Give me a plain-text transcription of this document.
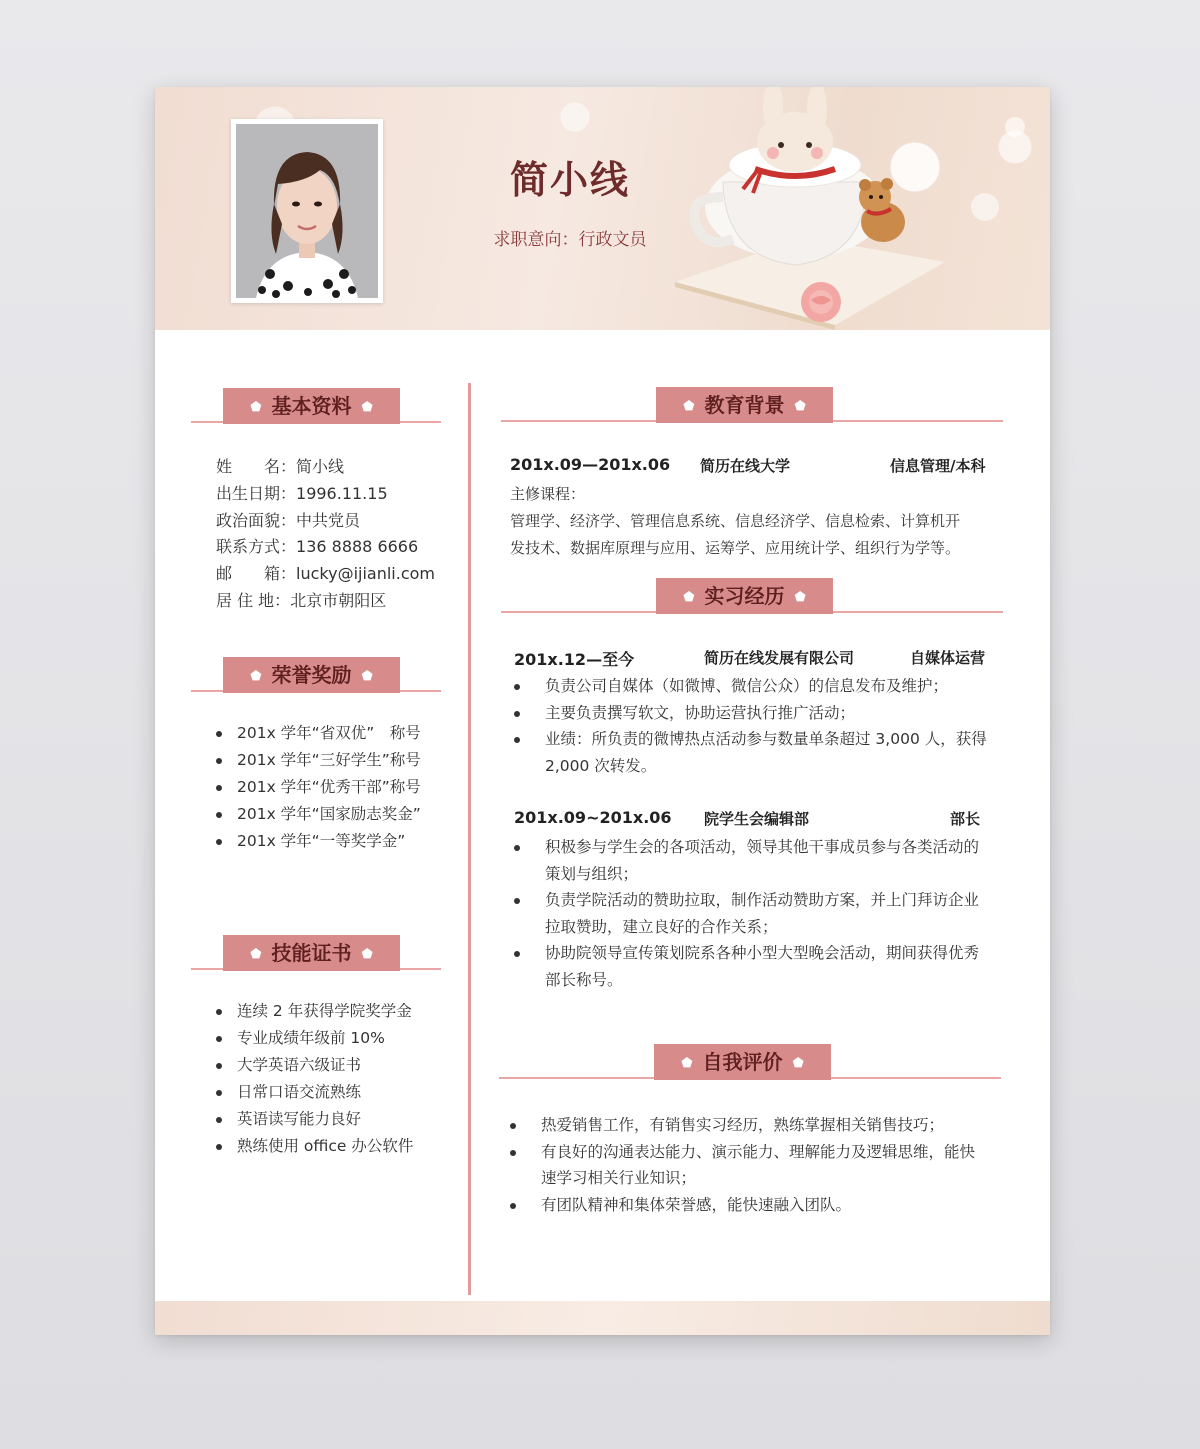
简小线
求职意向：行政文员
⬟ 基本资料 ⬟
姓　　名：简小线
出生日期：1996.11.15
政治面貌：中共党员
联系方式：136 8888 6666
邮　　箱：lucky@ijianli.com
居 住 地：北京市朝阳区
⬟ 荣誉奖励 ⬟
201x 学年“省双优”　称号
201x 学年“三好学生”称号
201x 学年“优秀干部”称号
201x 学年“国家励志奖金”
201x 学年“一等奖学金”
⬟ 技能证书 ⬟
连续 2 年获得学院奖学金
专业成绩年级前 10%
大学英语六级证书
日常口语交流熟练
英语读写能力良好
熟练使用 office 办公软件
⬟ 教育背景 ⬟
201x.09—201x.06 简历在线大学	信息管理/本科
主修课程：
管理学、经济学、管理信息系统、信息经济学、信息检索、计算机开
发技术、数据库原理与应用、运筹学、应用统计学、组织行为学等。
⬟ 实习经历 ⬟
201x.12—至今	简历在线发展有限公司	自媒体运营
负责公司自媒体（如微博、微信公众）的信息发布及维护；
主要负责撰写软文，协助运营执行推广活动；
业绩：所负责的微博热点活动参与数量单条超过 3,000 人，获得
2,000 次转发。
201x.09~201x.06 院学生会编辑部	部长
积极参与学生会的各项活动，领导其他干事成员参与各类活动的
策划与组织；
负责学院活动的赞助拉取，制作活动赞助方案，并上门拜访企业
拉取赞助，建立良好的合作关系；
协助院领导宣传策划院系各种小型大型晚会活动，期间获得优秀
部长称号。
⬟ 自我评价 ⬟
热爱销售工作，有销售实习经历，熟练掌握相关销售技巧；
有良好的沟通表达能力、演示能力、理解能力及逻辑思维，能快
速学习相关行业知识；
有团队精神和集体荣誉感，能快速融入团队。
